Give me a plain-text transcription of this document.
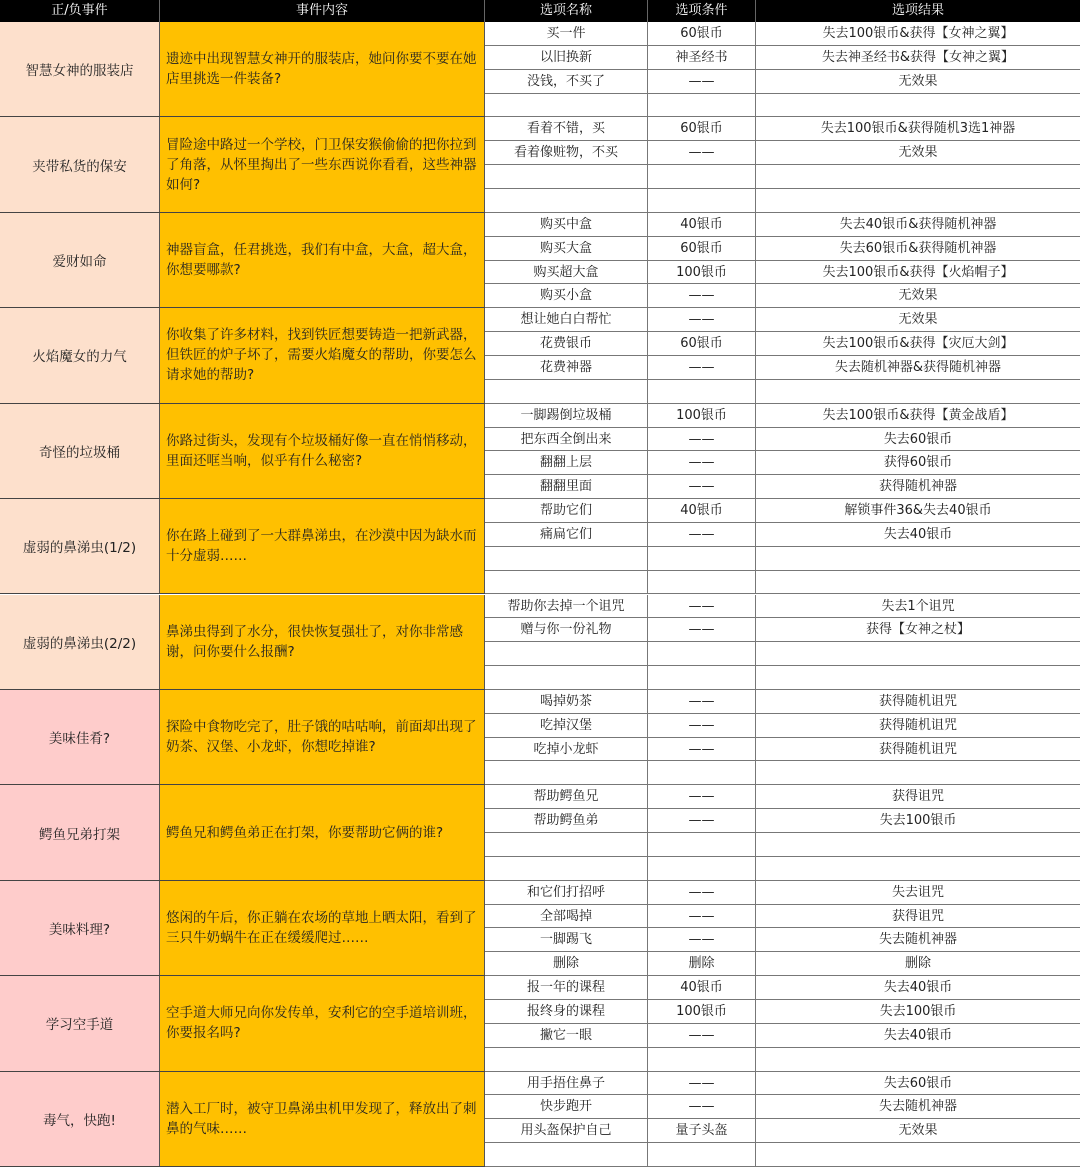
正/负事件	事件内容	选项名称	选项条件	选项结果
智慧女神的服装店
遗迹中出现智慧女神开的服装店，她问你要不要在她店里挑选一件装备?
买一件	60银币	失去100银币&获得【女神之翼】
以旧换新	神圣经书	失去神圣经书&获得【女神之翼】
没钱，不买了	——	无效果
夹带私货的保安
冒险途中路过一个学校，门卫保安猴偷偷的把你拉到了角落，从怀里掏出了一些东西说你看看，这些神器如何?
看着不错，买	60银币	失去100银币&获得随机3选1神器
看着像赃物，不买	——	无效果
爱财如命
神器盲盒，任君挑选，我们有中盒，大盒，超大盒，你想要哪款?
购买中盒	40银币	失去40银币&获得随机神器
购买大盒	60银币	失去60银币&获得随机神器
购买超大盒	100银币	失去100银币&获得【火焰帽子】
购买小盒	——	无效果
火焰魔女的力气
你收集了许多材料，找到铁匠想要铸造一把新武器，但铁匠的炉子坏了，需要火焰魔女的帮助，你要怎么请求她的帮助?
想让她白白帮忙	——	无效果
花费银币	60银币	失去100银币&获得【灾厄大剑】
花费神器	——	失去随机神器&获得随机神器
奇怪的垃圾桶
你路过街头，发现有个垃圾桶好像一直在悄悄移动，里面还哐当响，似乎有什么秘密?
一脚踢倒垃圾桶	100银币	失去100银币&获得【黄金战盾】
把东西全倒出来	——	失去60银币
翻翻上层	——	获得60银币
翻翻里面	——	获得随机神器
虚弱的鼻涕虫(1/2)
你在路上碰到了一大群鼻涕虫，在沙漠中因为缺水而十分虚弱……
帮助它们	40银币	解锁事件36&失去40银币
痛扁它们	——	失去40银币
虚弱的鼻涕虫(2/2)
鼻涕虫得到了水分，很快恢复强壮了，对你非常感谢，问你要什么报酬?
帮助你去掉一个诅咒	——	失去1个诅咒
赠与你一份礼物	——	获得【女神之杖】
美味佳肴?
探险中食物吃完了，肚子饿的咕咕响，前面却出现了奶茶、汉堡、小龙虾，你想吃掉谁?
喝掉奶茶	——	获得随机诅咒
吃掉汉堡	——	获得随机诅咒
吃掉小龙虾	——	获得随机诅咒
鳄鱼兄弟打架	鳄鱼兄和鳄鱼弟正在打架，你要帮助它俩的谁?
帮助鳄鱼兄	——	获得诅咒
帮助鳄鱼弟	——	失去100银币
美味料理?
悠闲的午后，你正躺在农场的草地上晒太阳，看到了三只牛奶蜗牛在正在缓缓爬过……
和它们打招呼	——	失去诅咒
全部喝掉	——	获得诅咒
一脚踢飞	——	失去随机神器
删除	删除	删除
学习空手道
空手道大师兄向你发传单，安利它的空手道培训班，你要报名吗?
报一年的课程	40银币	失去40银币
报终身的课程	100银币	失去100银币
撇它一眼	——	失去40银币
毒气，快跑!
潜入工厂时，被守卫鼻涕虫机甲发现了，释放出了刺鼻的气味……
用手捂住鼻子	——	失去60银币
快步跑开	——	失去随机神器
用头盔保护自己	量子头盔	无效果
